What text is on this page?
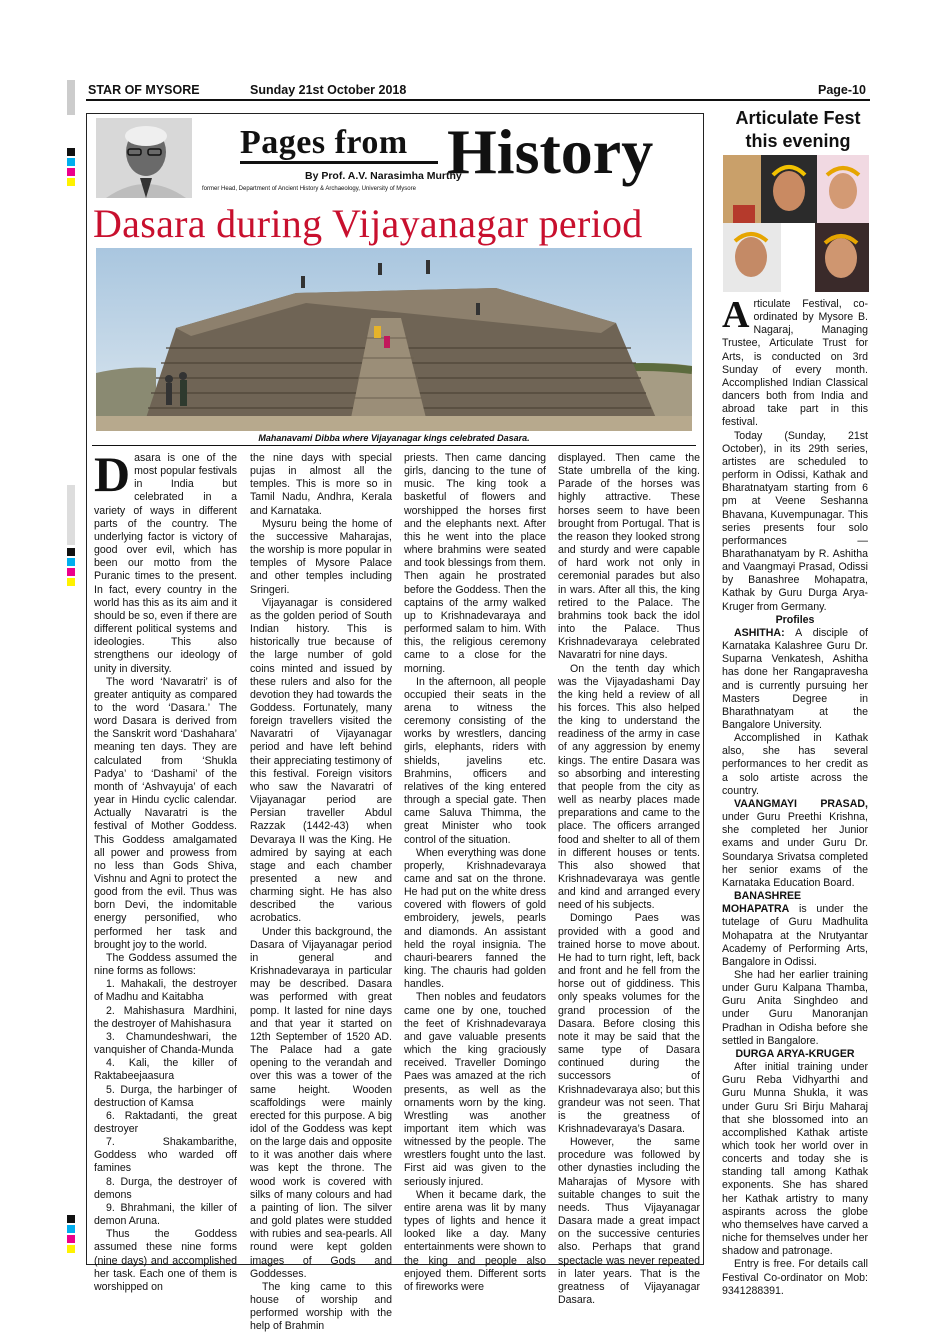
STAR OF MYSORE	Sunday 21st October 2018	Page-10
Pages from History
By Prof. A.V. Narasimha Murthy
former Head, Department of Ancient History & Archaeology, University of Mysore
Dasara during Vijayanagar period
Mahanavami Dibba where Vijayanagar kings celebrated Dasara.

Dasara is one of the most popular festivals in India but celebrated in a variety of ways in different parts of the country. The underlying factor is victory of good over evil, which has been our motto from the Puranic times to the present. In fact, every country in the world has this as its aim and it should be so, even if there are different political systems and ideologies. This also strengthens our ideology of unity in diversity.

The word ‘Navaratri’ is of greater antiquity as compared to the word ‘Dasara.’ The word Dasara is derived from the Sanskrit word ‘Dashahara’ meaning ten days. They are calculated from ‘Shukla Padya’ to ‘Dashami’ of the month of ‘Ashvayuja’ of each year in Hindu cyclic calendar. Actually Navaratri is the festival of Mother Goddess. This Goddess amalgamated all power and prowess from no less than Gods Shiva, Vishnu and Agni to protect the good from the evil. Thus was born Devi, the indomitable energy personified, who performed her task and brought joy to the world.

The Goddess assumed the nine forms as follows:

1. Mahakali, the destroyer of Madhu and Kaitabha

2. Mahishasura Mardhini, the destroyer of Mahishasura

3. Chamundeshwari, the vanquisher of Chanda-Munda

4. Kali, the killer of Raktabeejaasura

5. Durga, the harbinger of destruction of Kamsa

6. Raktadanti, the great destroyer

7. Shakambarithe, Goddess who warded off famines

8. Durga, the destroyer of demons

9. Bhrahmani, the killer of demon Aruna.

Thus the Goddess assumed these nine forms (nine days) and accomplished her task. Each one of them is worshipped on

the nine days with special pujas in almost all the temples. This is more so in Tamil Nadu, Andhra, Kerala and Karnataka.

Mysuru being the home of the successive Maharajas, the worship is more popular in temples of Mysore Palace and other temples including Sringeri.

Vijayanagar is considered as the golden period of South Indian history. This is historically true because of the large number of gold coins minted and issued by these rulers and also for the devotion they had towards the Goddess. Fortunately, many foreign travellers visited the Navaratri of Vijayanagar period and have left behind their appreciating testimony of this festival. Foreign visitors who saw the Navaratri of Vijayanagar period are Persian traveller Abdul Razzak (1442-43) when Devaraya II was the King. He admired by saying at each stage and each chamber presented a new and charming sight. He has also described the various acrobatics.

Under this background, the Dasara of Vijayanagar period in general and Krishnadevaraya in particular may be described. Dasara was performed with great pomp. It lasted for nine days and that year it started on 12th September of 1520 AD. The Palace had a gate opening to the verandah and over this was a tower of the same height. Wooden scaffoldings were mainly erected for this purpose. A big idol of the Goddess was kept on the large dais and opposite to it was another dais where was kept the throne. The wood work is covered with silks of many colours and had a painting of lion. The silver and gold plates were studded with rubies and sea-pearls. All round were kept golden images of Gods and Goddesses.

The king came to this house of worship and performed worship with the help of Brahmin

priests. Then came dancing girls, dancing to the tune of music. The king took a basketful of flowers and worshipped the horses first and the elephants next. After this he went into the place where brahmins were seated and took blessings from them. Then again he prostrated before the Goddess. Then the captains of the army walked up to Krishnadevaraya and performed salam to him. With this, the religious ceremony came to a close for the morning.

In the afternoon, all people occupied their seats in the arena to witness the ceremony consisting of the works by wrestlers, dancing girls, elephants, riders with shields, javelins etc. Brahmins, officers and relatives of the king entered through a special gate. Then came Saluva Thimma, the great Minister who took control of the situation.

When everything was done properly, Krishnadevaraya came and sat on the throne. He had put on the white dress covered with flowers of gold embroidery, jewels, pearls and diamonds. An assistant held the royal insignia. The chauri-bearers fanned the king. The chauris had golden handles.

Then nobles and feudators came one by one, touched the feet of Krishnadevaraya and gave valuable presents which the king graciously received. Traveller Domingo Paes was amazed at the rich presents, as well as the ornaments worn by the king. Wrestling was another important item which was witnessed by the people. The wrestlers fought unto the last. First aid was given to the seriously injured.

When it became dark, the entire arena was lit by many types of lights and hence it looked like a day. Many entertainments were shown to the king and people also enjoyed them. Different sorts of fireworks were

displayed. Then came the State umbrella of the king. Parade of the horses was highly attractive. These horses seem to have been brought from Portugal. That is the reason they looked strong and sturdy and were capable of hard work not only in ceremonial parades but also in wars. After all this, the king retired to the Palace. The brahmins took back the idol into the Palace. Thus Krishnadevaraya celebrated Navaratri for nine days.

On the tenth day which was the Vijayadashami Day the king held a review of all his forces. This also helped the king to understand the readiness of the army in case of any aggression by enemy kings. The entire Dasara was so absorbing and interesting that people from the city as well as nearby places made preparations and came to the place. The officers arranged food and shelter to all of them in different houses or tents. This also showed that Krishnadevaraya was gentle and kind and arranged every need of his subjects.

Domingo Paes was provided with a good and trained horse to move about. He had to turn right, left, back and front and he fell from the horse out of giddiness. This only speaks volumes for the grand procession of the Dasara. Before closing this note it may be said that the same type of Dasara continued during the successors of Krishnadevaraya also; but this grandeur was not seen. That is the greatness of Krishnadevaraya’s Dasara.

However, the same procedure was followed by other dynasties including the Maharajas of Mysore with suitable changes to suit the needs. Thus Vijayanagar Dasara made a great impact on the successive centuries also. Perhaps that grand spectacle was never repeated in later years. That is the greatness of Vijayanagar Dasara.

Articulate Fest
this evening

Articulate Festival, co-ordinated by Mysore B. Nagaraj, Managing Trustee, Articulate Trust for Arts, is conducted on 3rd Sunday of every month. Accomplished Indian Classical dancers both from India and abroad take part in this festival.

Today (Sunday, 21st October), in its 29th series, artistes are scheduled to perform in Odissi, Kathak and Bharatnatyam starting from 6 pm at Veene Seshanna Bhavana, Kuvempunagar. This series presents four solo performances — Bharathanatyam by R. Ashitha and Vaangmayi Prasad, Odissi by Banashree Mohapatra, Kathak by Guru Durga Arya-Kruger from Germany.

Profiles

ASHITHA: A disciple of Karnataka Kalashree Guru Dr. Suparna Venkatesh, Ashitha has done her Rangapravesha and is currently pursuing her Masters Degree in Bharathnatyam at the Bangalore University.

Accomplished in Kathak also, she has several performances to her credit as a solo artiste across the country.

VAANGMAYI PRASAD, under Guru Preethi Krishna, she completed her Junior exams and under Guru Dr. Soundarya Srivatsa completed her senior exams of the Karnataka Education Board.

BANASHREE MOHAPATRA is under the tutelage of Guru Madhulita Mohapatra at the Nrutyantar Academy of Performing Arts, Bangalore in Odissi.

She had her earlier training under Guru Kalpana Thamba, Guru Anita Singhdeo and under Guru Manoranjan Pradhan in Odisha before she settled in Bangalore.

DURGA ARYA-KRUGER

After initial training under Guru Reba Vidhyarthi and Guru Munna Shukla, it was under Guru Sri Birju Maharaj that she blossomed into an accomplished Kathak artiste which took her world over in concerts and today she is standing tall among Kathak exponents. She has shared her Kathak artistry to many aspirants across the globe who themselves have carved a niche for themselves under her shadow and patronage.

Entry is free. For details call Festival Co-ordinator on Mob: 9341288391.
